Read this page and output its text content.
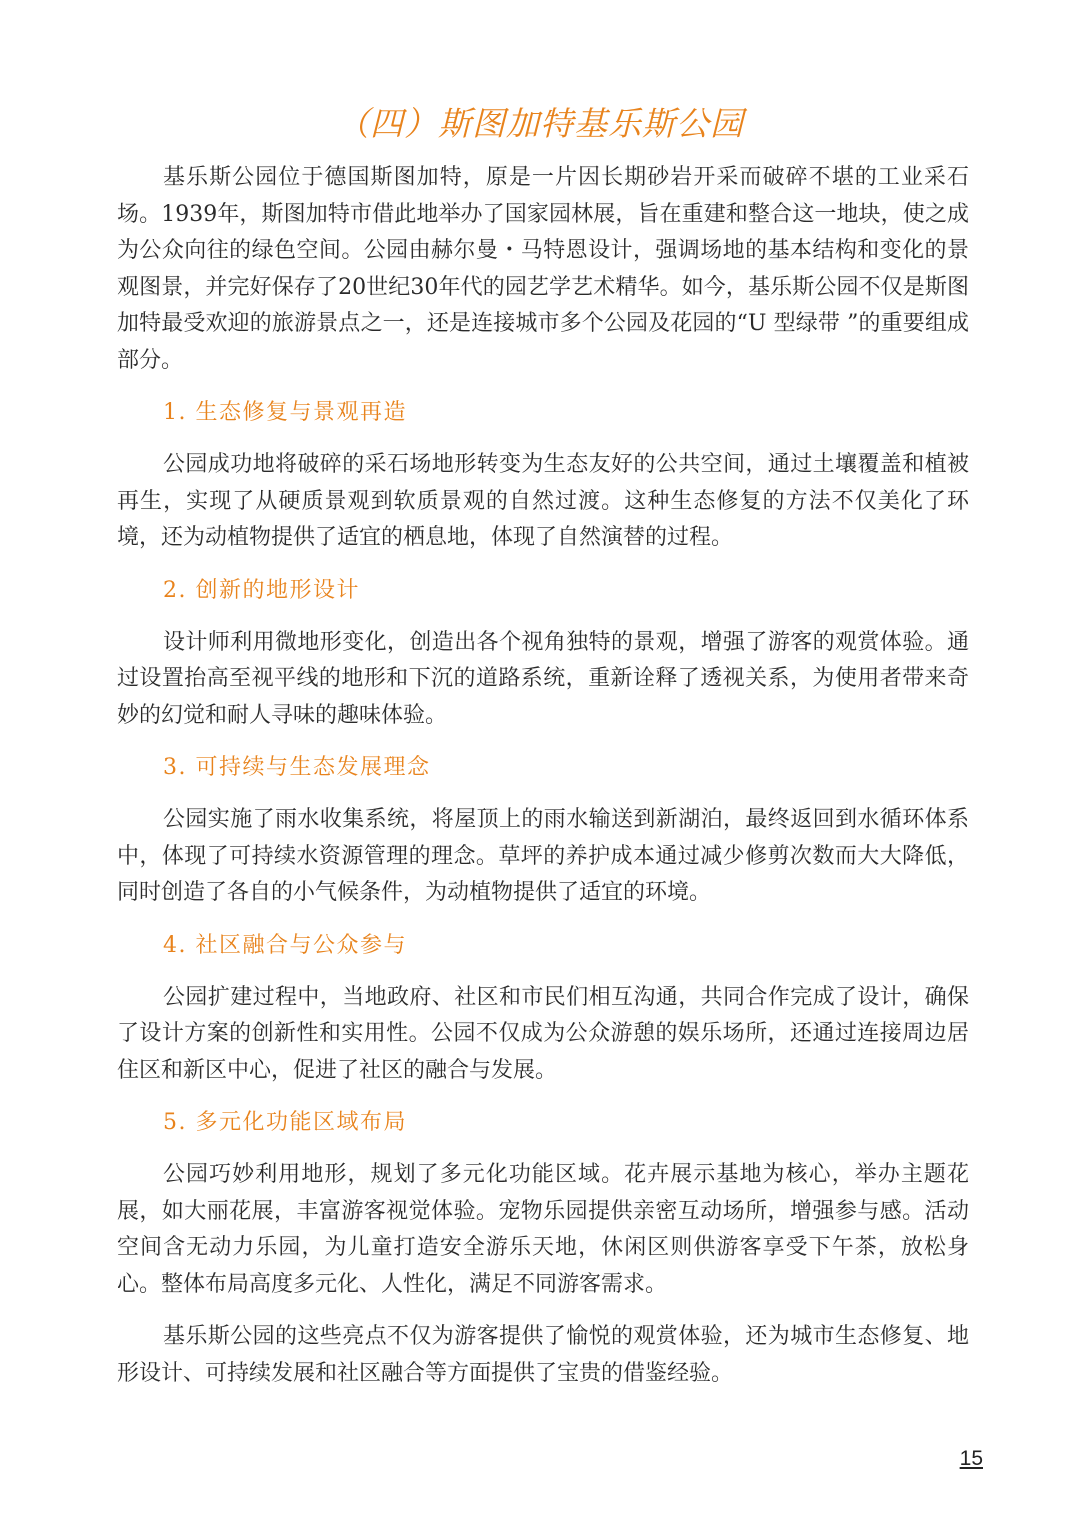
（四）斯图加特基乐斯公园

基乐斯公园位于德国斯图加特，原是一片因长期砂岩开采而破碎不堪的工业采石场。1939年，斯图加特市借此地举办了国家园林展，旨在重建和整合这一地块，使之成为公众向往的绿色空间。公园由赫尔曼・马特恩设计，强调场地的基本结构和变化的景观图景，并完好保存了20世纪30年代的园艺学艺术精华。如今，基乐斯公园不仅是斯图加特最受欢迎的旅游景点之一，还是连接城市多个公园及花园的“U 型绿带 ”的重要组成部分。

1. 生态修复与景观再造

公园成功地将破碎的采石场地形转变为生态友好的公共空间，通过土壤覆盖和植被再生，实现了从硬质景观到软质景观的自然过渡。这种生态修复的方法不仅美化了环境，还为动植物提供了适宜的栖息地，体现了自然演替的过程。

2. 创新的地形设计

设计师利用微地形变化，创造出各个视角独特的景观，增强了游客的观赏体验。通过设置抬高至视平线的地形和下沉的道路系统，重新诠释了透视关系，为使用者带来奇妙的幻觉和耐人寻味的趣味体验。

3. 可持续与生态发展理念

公园实施了雨水收集系统，将屋顶上的雨水输送到新湖泊，最终返回到水循环体系中，体现了可持续水资源管理的理念。草坪的养护成本通过减少修剪次数而大大降低，同时创造了各自的小气候条件，为动植物提供了适宜的环境。

4. 社区融合与公众参与

公园扩建过程中，当地政府、社区和市民们相互沟通，共同合作完成了设计，确保了设计方案的创新性和实用性。公园不仅成为公众游憩的娱乐场所，还通过连接周边居住区和新区中心，促进了社区的融合与发展。

5. 多元化功能区域布局

公园巧妙利用地形，规划了多元化功能区域。花卉展示基地为核心，举办主题花展，如大丽花展，丰富游客视觉体验。宠物乐园提供亲密互动场所，增强参与感。活动空间含无动力乐园，为儿童打造安全游乐天地，休闲区则供游客享受下午茶，放松身心。整体布局高度多元化、人性化，满足不同游客需求。

基乐斯公园的这些亮点不仅为游客提供了愉悦的观赏体验，还为城市生态修复、地形设计、可持续发展和社区融合等方面提供了宝贵的借鉴经验。

15
